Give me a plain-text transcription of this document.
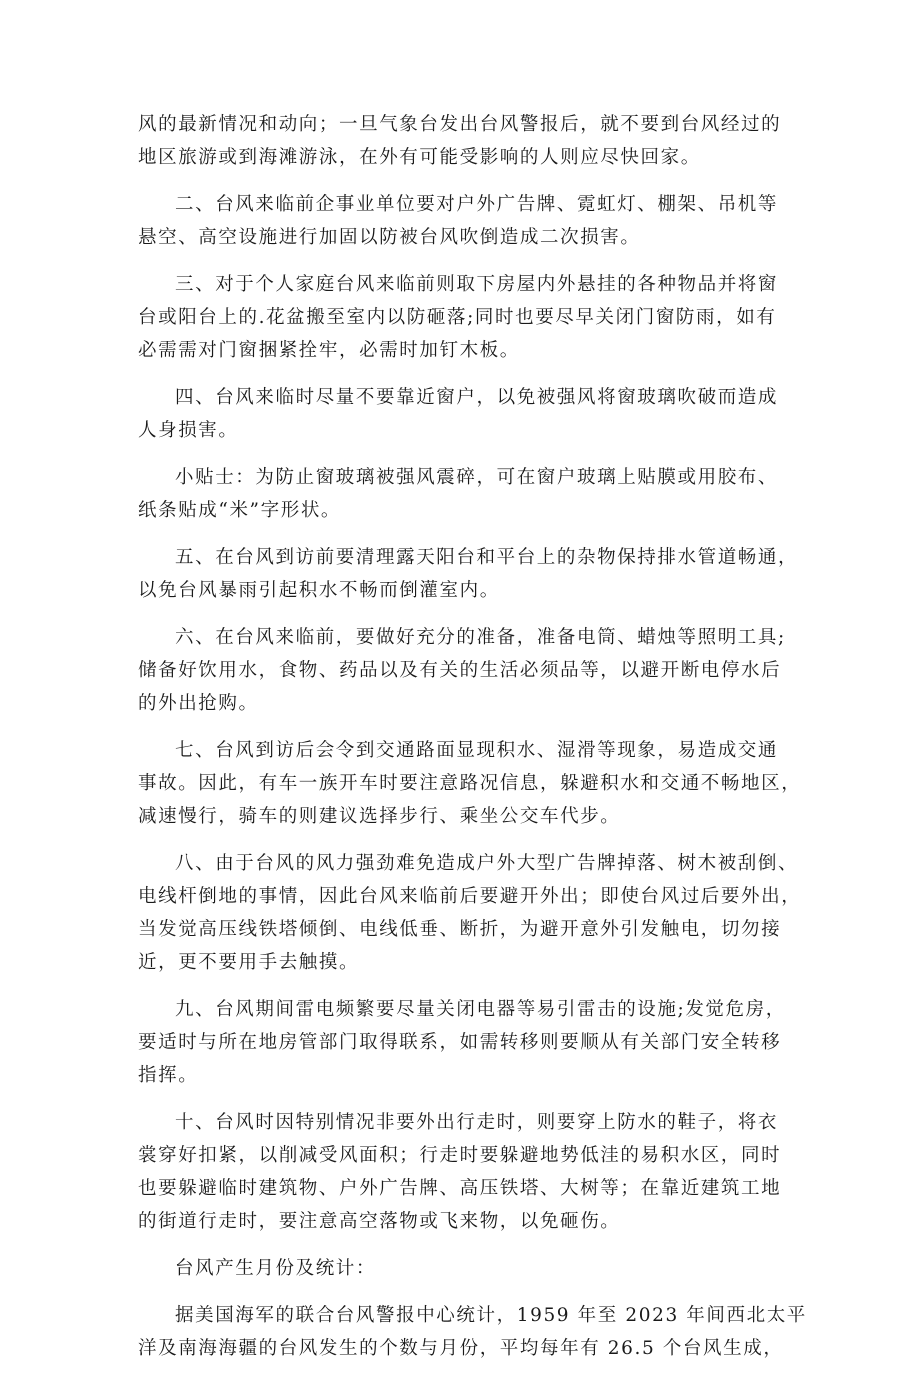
风的最新情况和动向；一旦气象台发出台风警报后，就不要到台风经过的
地区旅游或到海滩游泳，在外有可能受影响的人则应尽快回家。

二、台风来临前企事业单位要对户外广告牌、霓虹灯、棚架、吊机等
悬空、高空设施进行加固以防被台风吹倒造成二次损害。

三、对于个人家庭台风来临前则取下房屋内外悬挂的各种物品并将窗
台或阳台上的.花盆搬至室内以防砸落;同时也要尽早关闭门窗防雨，如有
必需需对门窗捆紧拴牢，必需时加钉木板。

四、台风来临时尽量不要靠近窗户，以免被强风将窗玻璃吹破而造成
人身损害。

小贴士：为防止窗玻璃被强风震碎，可在窗户玻璃上贴膜或用胶布、
纸条贴成“米”字形状。

五、在台风到访前要清理露天阳台和平台上的杂物保持排水管道畅通，
以免台风暴雨引起积水不畅而倒灌室内。

六、在台风来临前，要做好充分的准备，准备电筒、蜡烛等照明工具;
储备好饮用水，食物、药品以及有关的生活必须品等，以避开断电停水后
的外出抢购。

七、台风到访后会令到交通路面显现积水、湿滑等现象，易造成交通
事故。因此，有车一族开车时要注意路况信息，躲避积水和交通不畅地区，
减速慢行，骑车的则建议选择步行、乘坐公交车代步。

八、由于台风的风力强劲难免造成户外大型广告牌掉落、树木被刮倒、
电线杆倒地的事情，因此台风来临前后要避开外出；即使台风过后要外出，
当发觉高压线铁塔倾倒、电线低垂、断折，为避开意外引发触电，切勿接
近，更不要用手去触摸。

九、台风期间雷电频繁要尽量关闭电器等易引雷击的设施;发觉危房，
要适时与所在地房管部门取得联系，如需转移则要顺从有关部门安全转移
指挥。

十、台风时因特别情况非要外出行走时，则要穿上防水的鞋子，将衣
裳穿好扣紧，以削减受风面积；行走时要躲避地势低洼的易积水区，同时
也要躲避临时建筑物、户外广告牌、高压铁塔、大树等；在靠近建筑工地
的街道行走时，要注意高空落物或飞来物，以免砸伤。

台风产生月份及统计：

据美国海军的联合台风警报中心统计，1959 年至 2023 年间西北太平
洋及南海海疆的台风发生的个数与月份，平均每年有 26.5 个台风生成，
